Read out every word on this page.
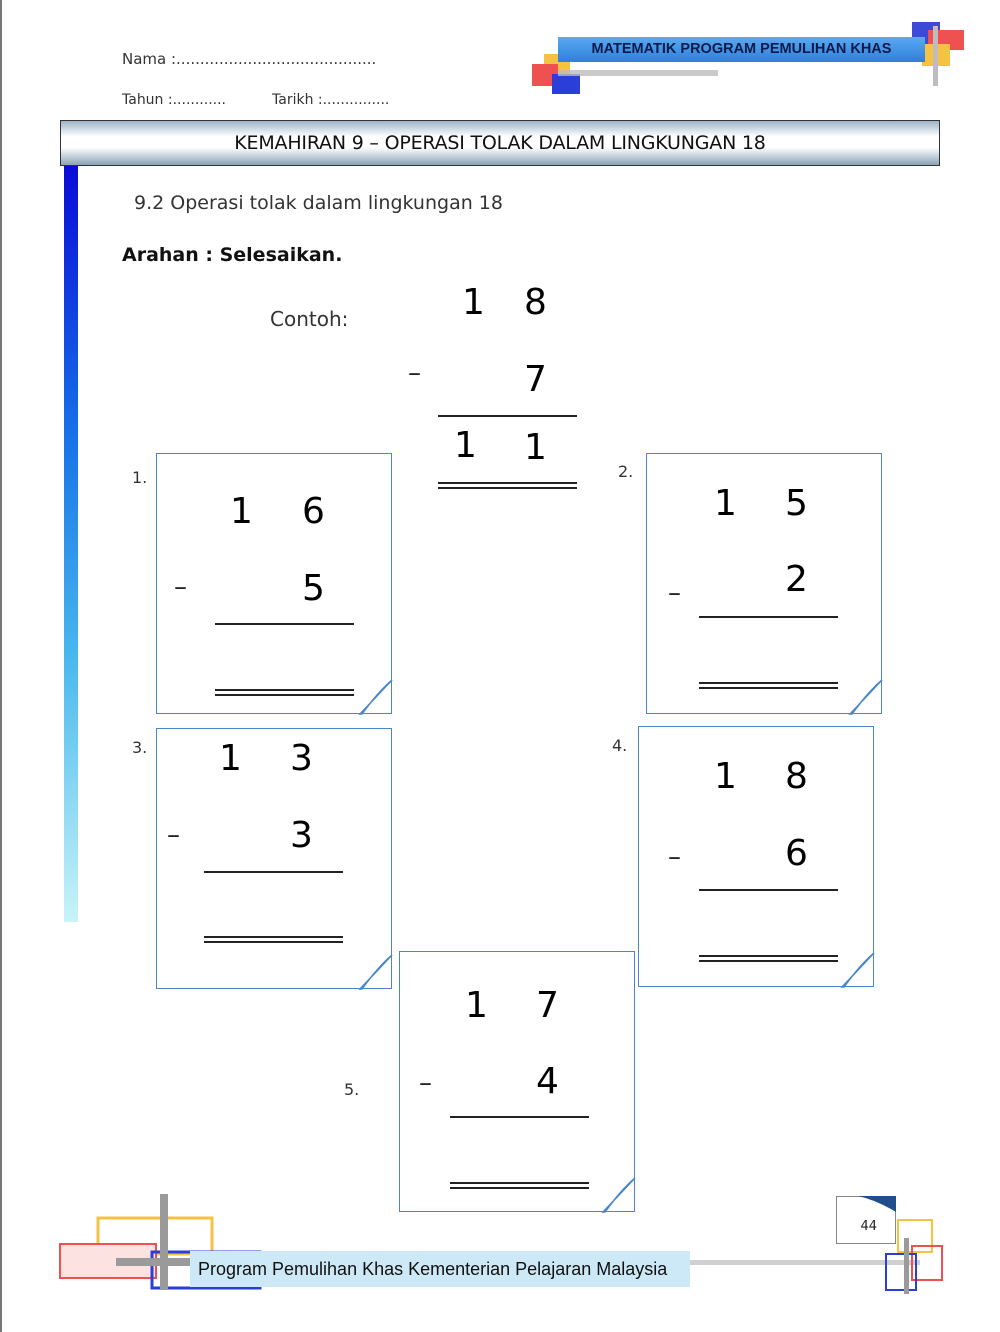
Nama :..........................................
Tahun :............	Tarikh :...............
MATEMATIK PROGRAM PEMULIHAN KHAS
KEMAHIRAN 9 – OPERASI TOLAK DALAM LINGKUNGAN 18
9.2 Operasi tolak dalam lingkungan 18
Arahan : Selesaikan.
Contoh:	1 8
–	7
1 1
1.
1 6
–	5
2.
1 5
–	2
3. 1 3
–	3
4.
1 8
–	6
5.
1 7
–	4
Program Pemulihan Khas Kementerian Pelajaran Malaysia
44
